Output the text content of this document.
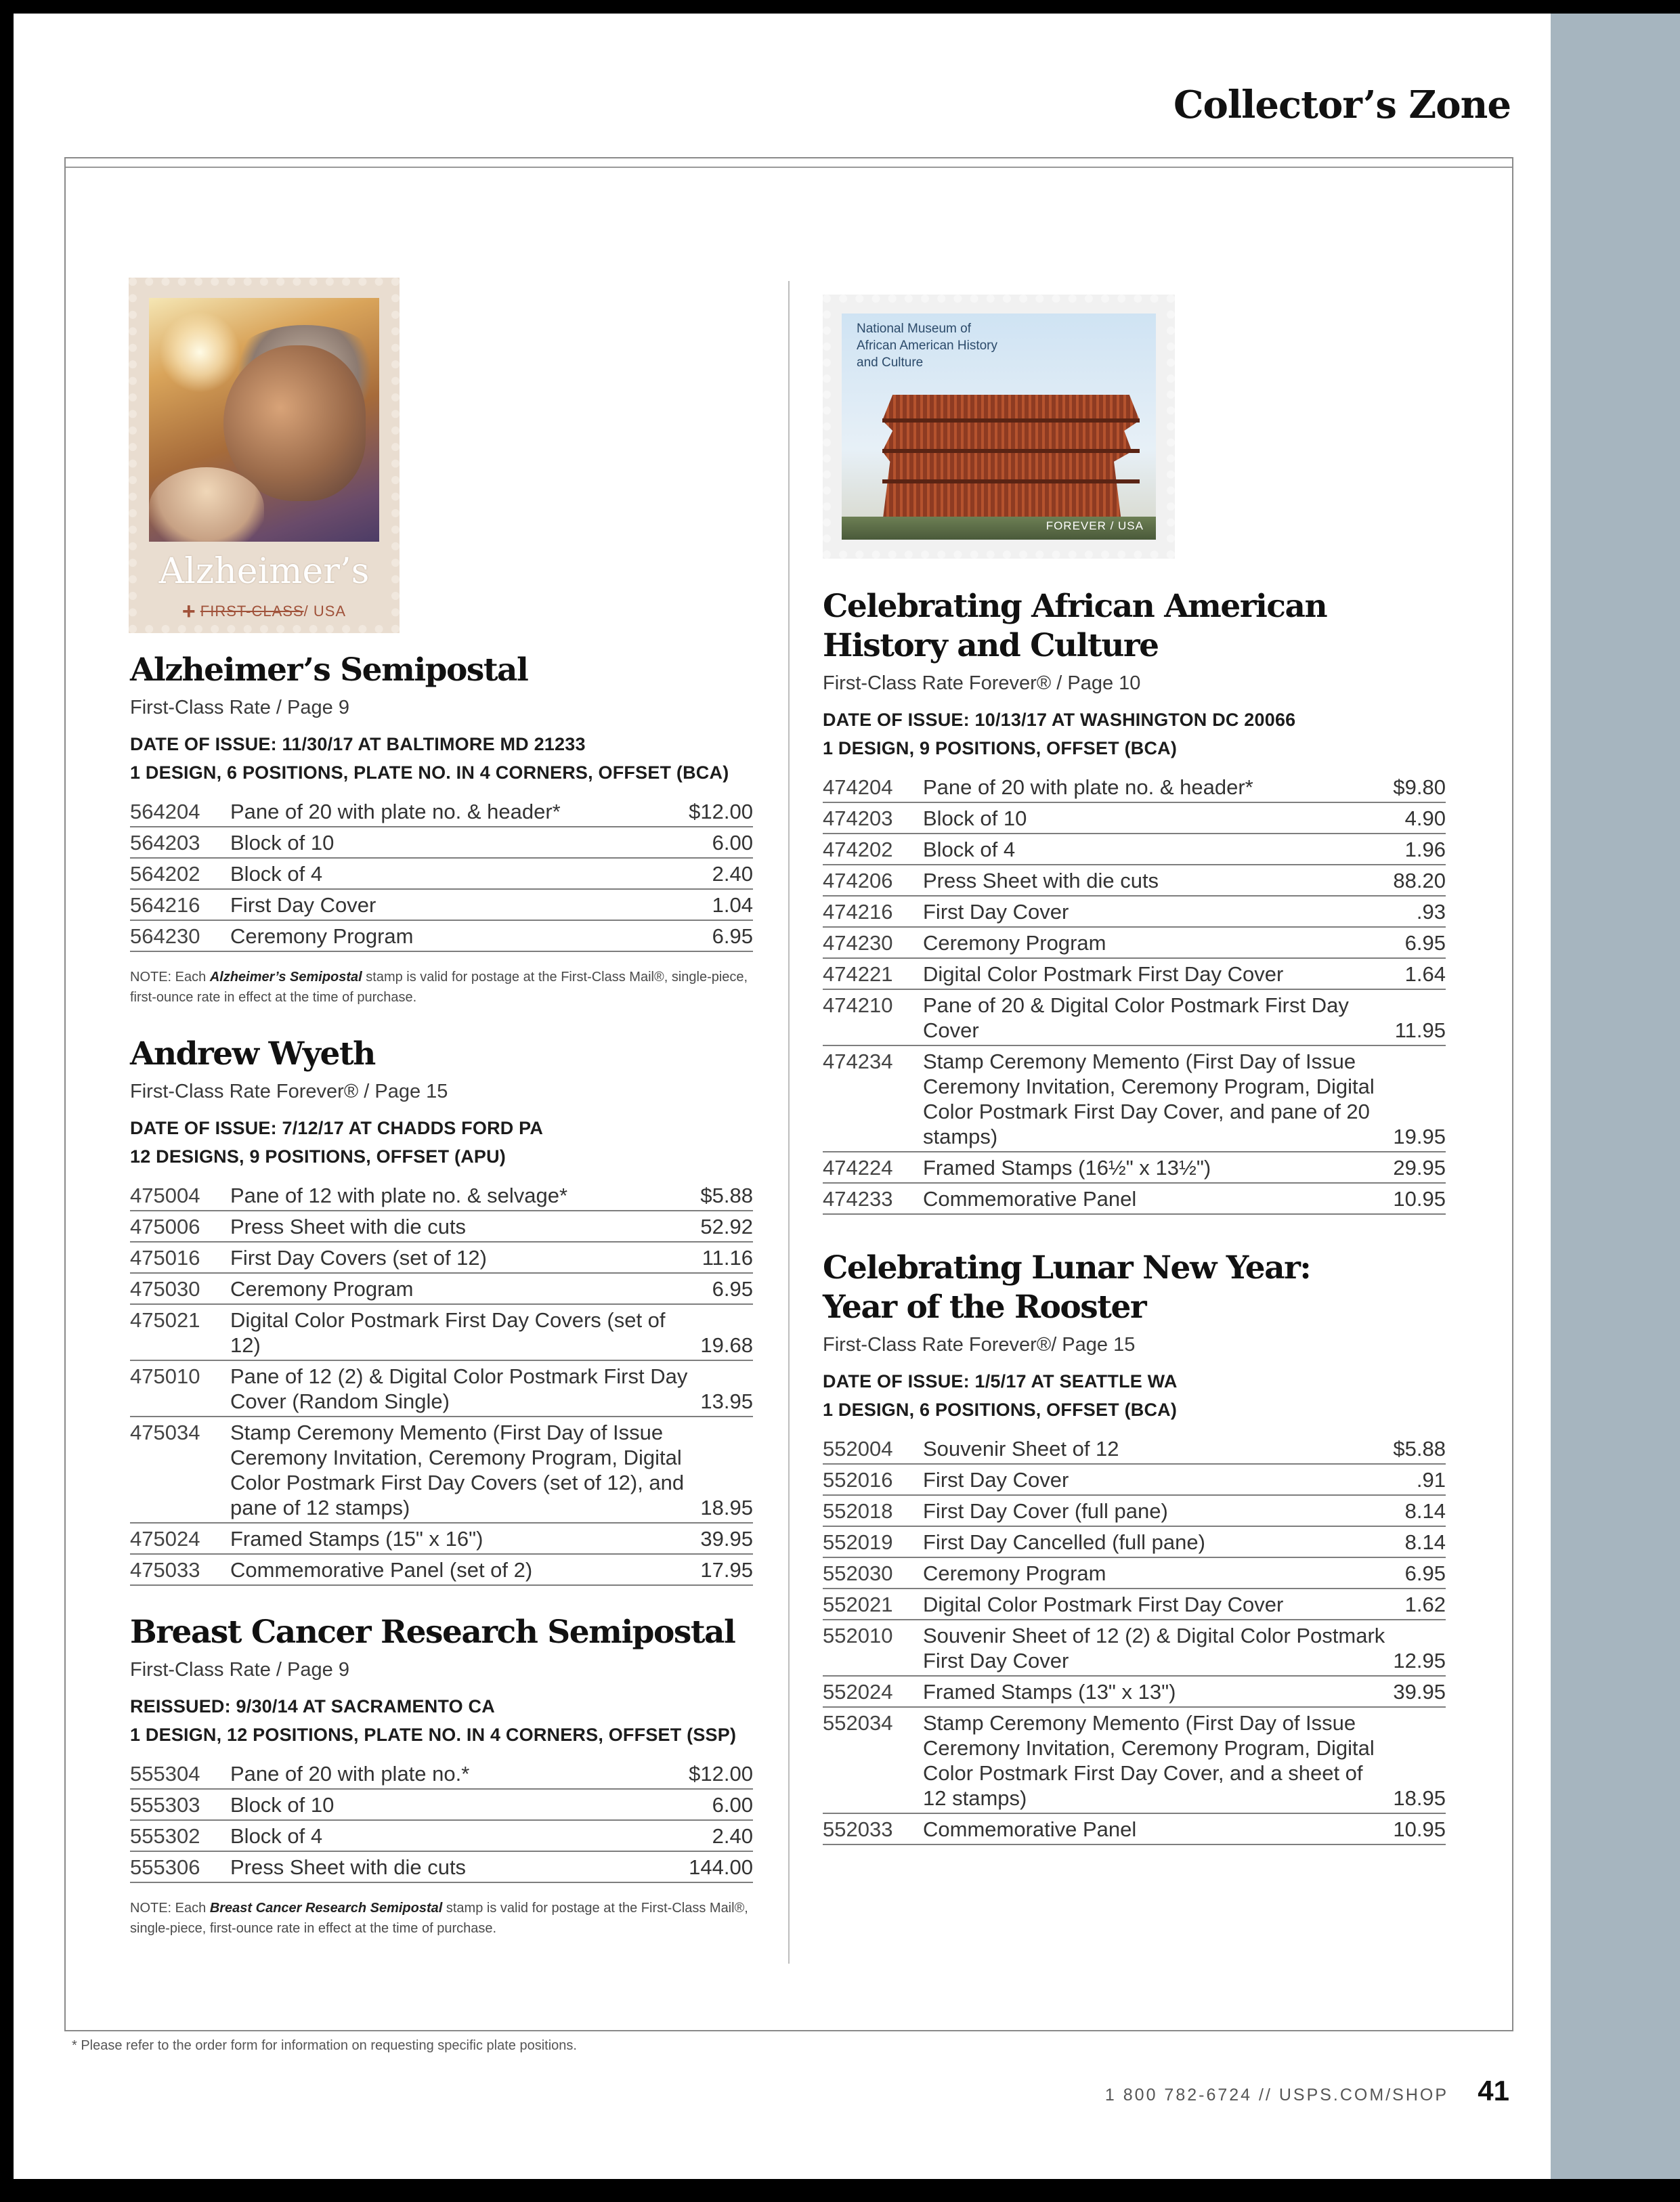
Collector’s Zone
Alzheimer’s
+ FIRST-CLASS/ USA
Alzheimer’s Semipostal
First-Class Rate / Page 9
DATE OF ISSUE: 11/30/17 AT BALTIMORE MD 21233
1 DESIGN, 6 POSITIONS, PLATE NO. IN 4 CORNERS, OFFSET (BCA)
564204	Pane of 20 with plate no. & header*	$12.00
564203	Block of 10	6.00
564202	Block of 4	2.40
564216	First Day Cover	1.04
564230	Ceremony Program	6.95
NOTE: Each Alzheimer’s Semipostal stamp is valid for postage at the First-Class Mail®, single-piece, first-ounce rate in effect at the time of purchase.
Andrew Wyeth
First-Class Rate Forever® / Page 15
DATE OF ISSUE: 7/12/17 AT CHADDS FORD PA
12 DESIGNS, 9 POSITIONS, OFFSET (APU)
475004	Pane of 12 with plate no. & selvage*	$5.88
475006	Press Sheet with die cuts	52.92
475016	First Day Covers (set of 12)	11.16
475030	Ceremony Program	6.95
475021	Digital Color Postmark First Day Covers (set of 12)	19.68
475010	Pane of 12 (2) & Digital Color Postmark First Day Cover (Random Single)	13.95
475034	Stamp Ceremony Memento (First Day of Issue Ceremony Invitation, Ceremony Program, Digital Color Postmark First Day Covers (set of 12), and pane of 12 stamps)	18.95
475024	Framed Stamps (15" x 16")	39.95
475033	Commemorative Panel (set of 2)	17.95
Breast Cancer Research Semipostal
First-Class Rate / Page 9
REISSUED: 9/30/14 AT SACRAMENTO CA
1 DESIGN, 12 POSITIONS, PLATE NO. IN 4 CORNERS, OFFSET (SSP)
555304	Pane of 20 with plate no.*	$12.00
555303	Block of 10	6.00
555302	Block of 4	2.40
555306	Press Sheet with die cuts	144.00
NOTE: Each Breast Cancer Research Semipostal stamp is valid for postage at the First-Class Mail®, single-piece, first-ounce rate in effect at the time of purchase.
National Museum of African American History and Culture
FOREVER / USA
Celebrating African American
History and Culture
First-Class Rate Forever® / Page 10
DATE OF ISSUE: 10/13/17 AT WASHINGTON DC 20066
1 DESIGN, 9 POSITIONS, OFFSET (BCA)
474204	Pane of 20 with plate no. & header*	$9.80
474203	Block of 10	4.90
474202	Block of 4	1.96
474206	Press Sheet with die cuts	88.20
474216	First Day Cover	.93
474230	Ceremony Program	6.95
474221	Digital Color Postmark First Day Cover	1.64
474210	Pane of 20 & Digital Color Postmark First Day Cover	11.95
474234	Stamp Ceremony Memento (First Day of Issue Ceremony Invitation, Ceremony Program, Digital Color Postmark First Day Cover, and pane of 20 stamps)	19.95
474224	Framed Stamps (16½" x 13½")	29.95
474233	Commemorative Panel	10.95
Celebrating Lunar New Year:
Year of the Rooster
First-Class Rate Forever®/ Page 15
DATE OF ISSUE: 1/5/17 AT SEATTLE WA
1 DESIGN, 6 POSITIONS, OFFSET (BCA)
552004	Souvenir Sheet of 12	$5.88
552016	First Day Cover	.91
552018	First Day Cover (full pane)	8.14
552019	First Day Cancelled (full pane)	8.14
552030	Ceremony Program	6.95
552021	Digital Color Postmark First Day Cover	1.62
552010	Souvenir Sheet of 12 (2) & Digital Color Postmark First Day Cover	12.95
552024	Framed Stamps (13" x 13")	39.95
552034	Stamp Ceremony Memento (First Day of Issue Ceremony Invitation, Ceremony Program, Digital Color Postmark First Day Cover, and a sheet of 12 stamps)	18.95
552033	Commemorative Panel	10.95
* Please refer to the order form for information on requesting specific plate positions.
1 800 782-6724 // USPS.COM/SHOP 41
